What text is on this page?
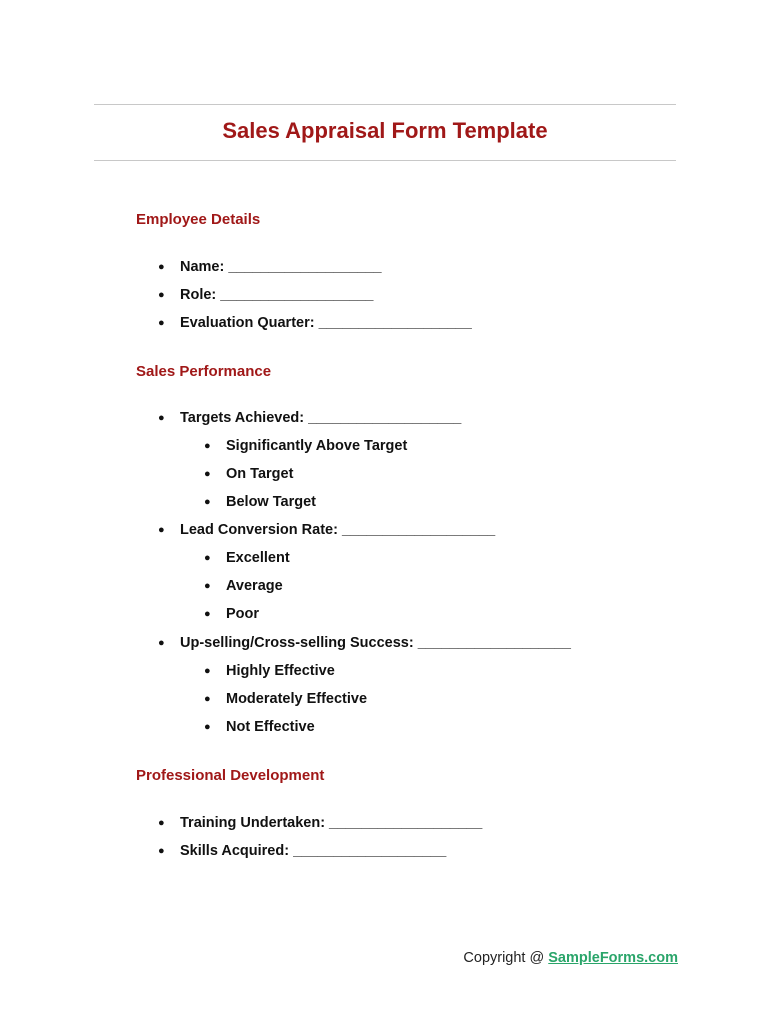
Sales Appraisal Form Template
Employee Details
● Name: ___________________
● Role: ___________________
● Evaluation Quarter: ___________________
Sales Performance
● Targets Achieved: ___________________
● Significantly Above Target
● On Target
● Below Target
● Lead Conversion Rate: ___________________
● Excellent
● Average
● Poor
● Up-selling/Cross-selling Success: ___________________
● Highly Effective
● Moderately Effective
● Not Effective
Professional Development
● Training Undertaken: ___________________
● Skills Acquired: ___________________
Copyright @ SampleForms.com
